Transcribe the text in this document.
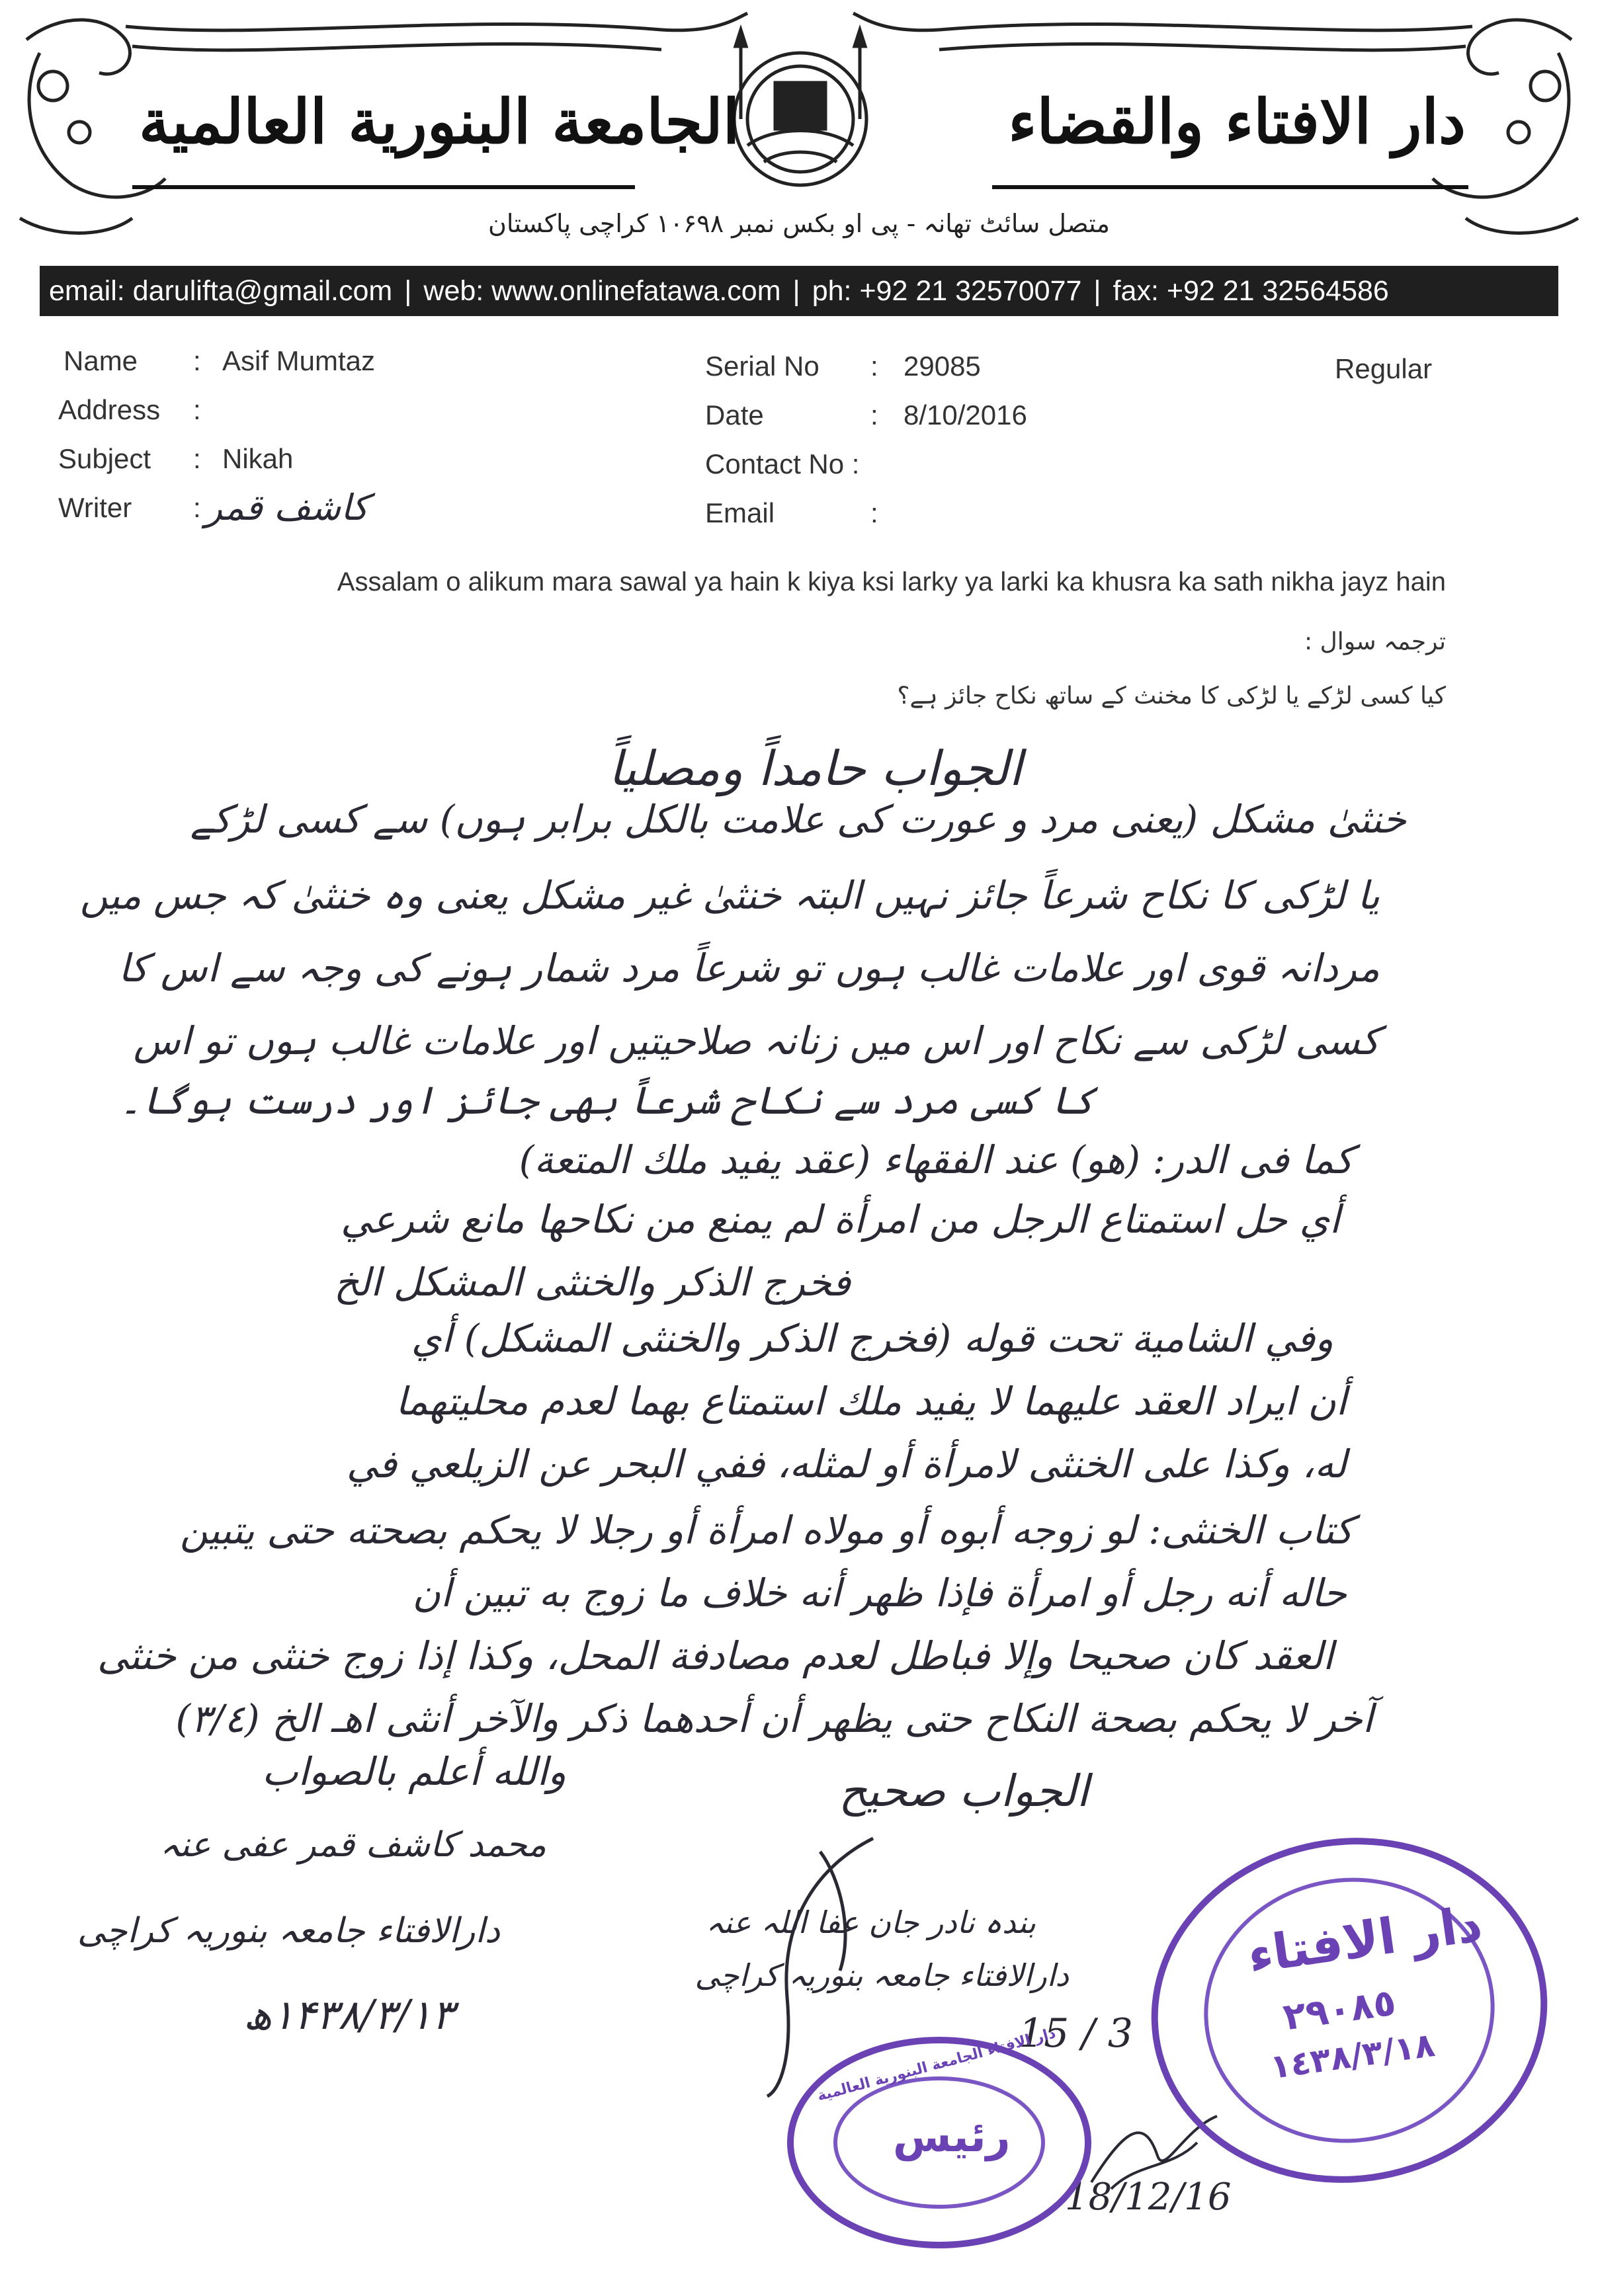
دار الافتاء والقضاء
الجامعة البنورية العالمية
متصل سائٹ تھانہ - پی او بکس نمبر ۱۰۶۹۸ کراچی پاکستان
email: darulifta@gmail.com | web: www.onlinefatawa.com | ph: +92 21 32570077 | fax: +92 21 32564586
Name : Asif Mumtaz
Address :
Subject : Nikah
Writer : کاشف قمر
Serial No : 29085
Date	: 8/10/2016
Contact No :
Email	:
Regular
Assalam o alikum mara sawal ya hain k kiya ksi larky ya larki ka khusra ka sath nikha jayz hain
ترجمہ سوال :
کیا کسی لڑکے یا لڑکی کا مخنث کے ساتھ نکاح جائز ہے؟
الجواب حامداً ومصلیاً
خنثیٰ مشکل (یعنی مرد و عورت کی علامت بالکل برابر ہوں) سے کسی لڑکے
یا لڑکی کا نکاح شرعاً جائز نہیں البتہ خنثیٰ غیر مشکل یعنی وہ خنثیٰ کہ جس میں
مردانہ قوی اور علامات غالب ہوں تو شرعاً مرد شمار ہونے کی وجہ سے اس کا
کسی لڑکی سے نکاح اور اس میں زنانہ صلاحیتیں اور علامات غالب ہوں تو اس
کا کسی مرد سے نکاح شرعاً بھی جائز اور درست ہوگا۔
کما فی الدر: (هو) عند الفقهاء (عقد يفيد ملك المتعة)
أي حل استمتاع الرجل من امرأة لم يمنع من نكاحها مانع شرعي
فخرج الذكر والخنثى المشكل الخ
وفي الشامية تحت قوله (فخرج الذكر والخنثى المشكل) أي
أن ايراد العقد عليهما لا يفيد ملك استمتاع بهما لعدم محليتهما
له، وكذا على الخنثى لامرأة أو لمثله، ففي البحر عن الزيلعي في
كتاب الخنثى: لو زوجه أبوه أو مولاه امرأة أو رجلا لا يحكم بصحته حتى يتبين
حاله أنه رجل أو امرأة فإذا ظهر أنه خلاف ما زوج به تبين أن
العقد كان صحيحا وإلا فباطل لعدم مصادفة المحل، وكذا إذا زوج خنثى من خنثى
آخر لا يحكم بصحة النكاح حتى يظهر أن أحدهما ذكر والآخر أنثى اهـ الخ (٣/٤)
والله أعلم بالصواب
محمد کاشف قمر عفی عنہ
دارالافتاء جامعہ بنوریہ کراچی
۱۴۳۸/۳/۱۳ھ
الجواب صحیح
بندہ نادر جان عفا اللہ عنہ
دارالافتاء جامعہ بنوریہ کراچی
15 / 3
18/12/16
دار الافتاء
٢٩٠٨٥
١٤٣٨/٣/١٨
رئیس
دار الافتاء الجامعة البنورية العالمية
